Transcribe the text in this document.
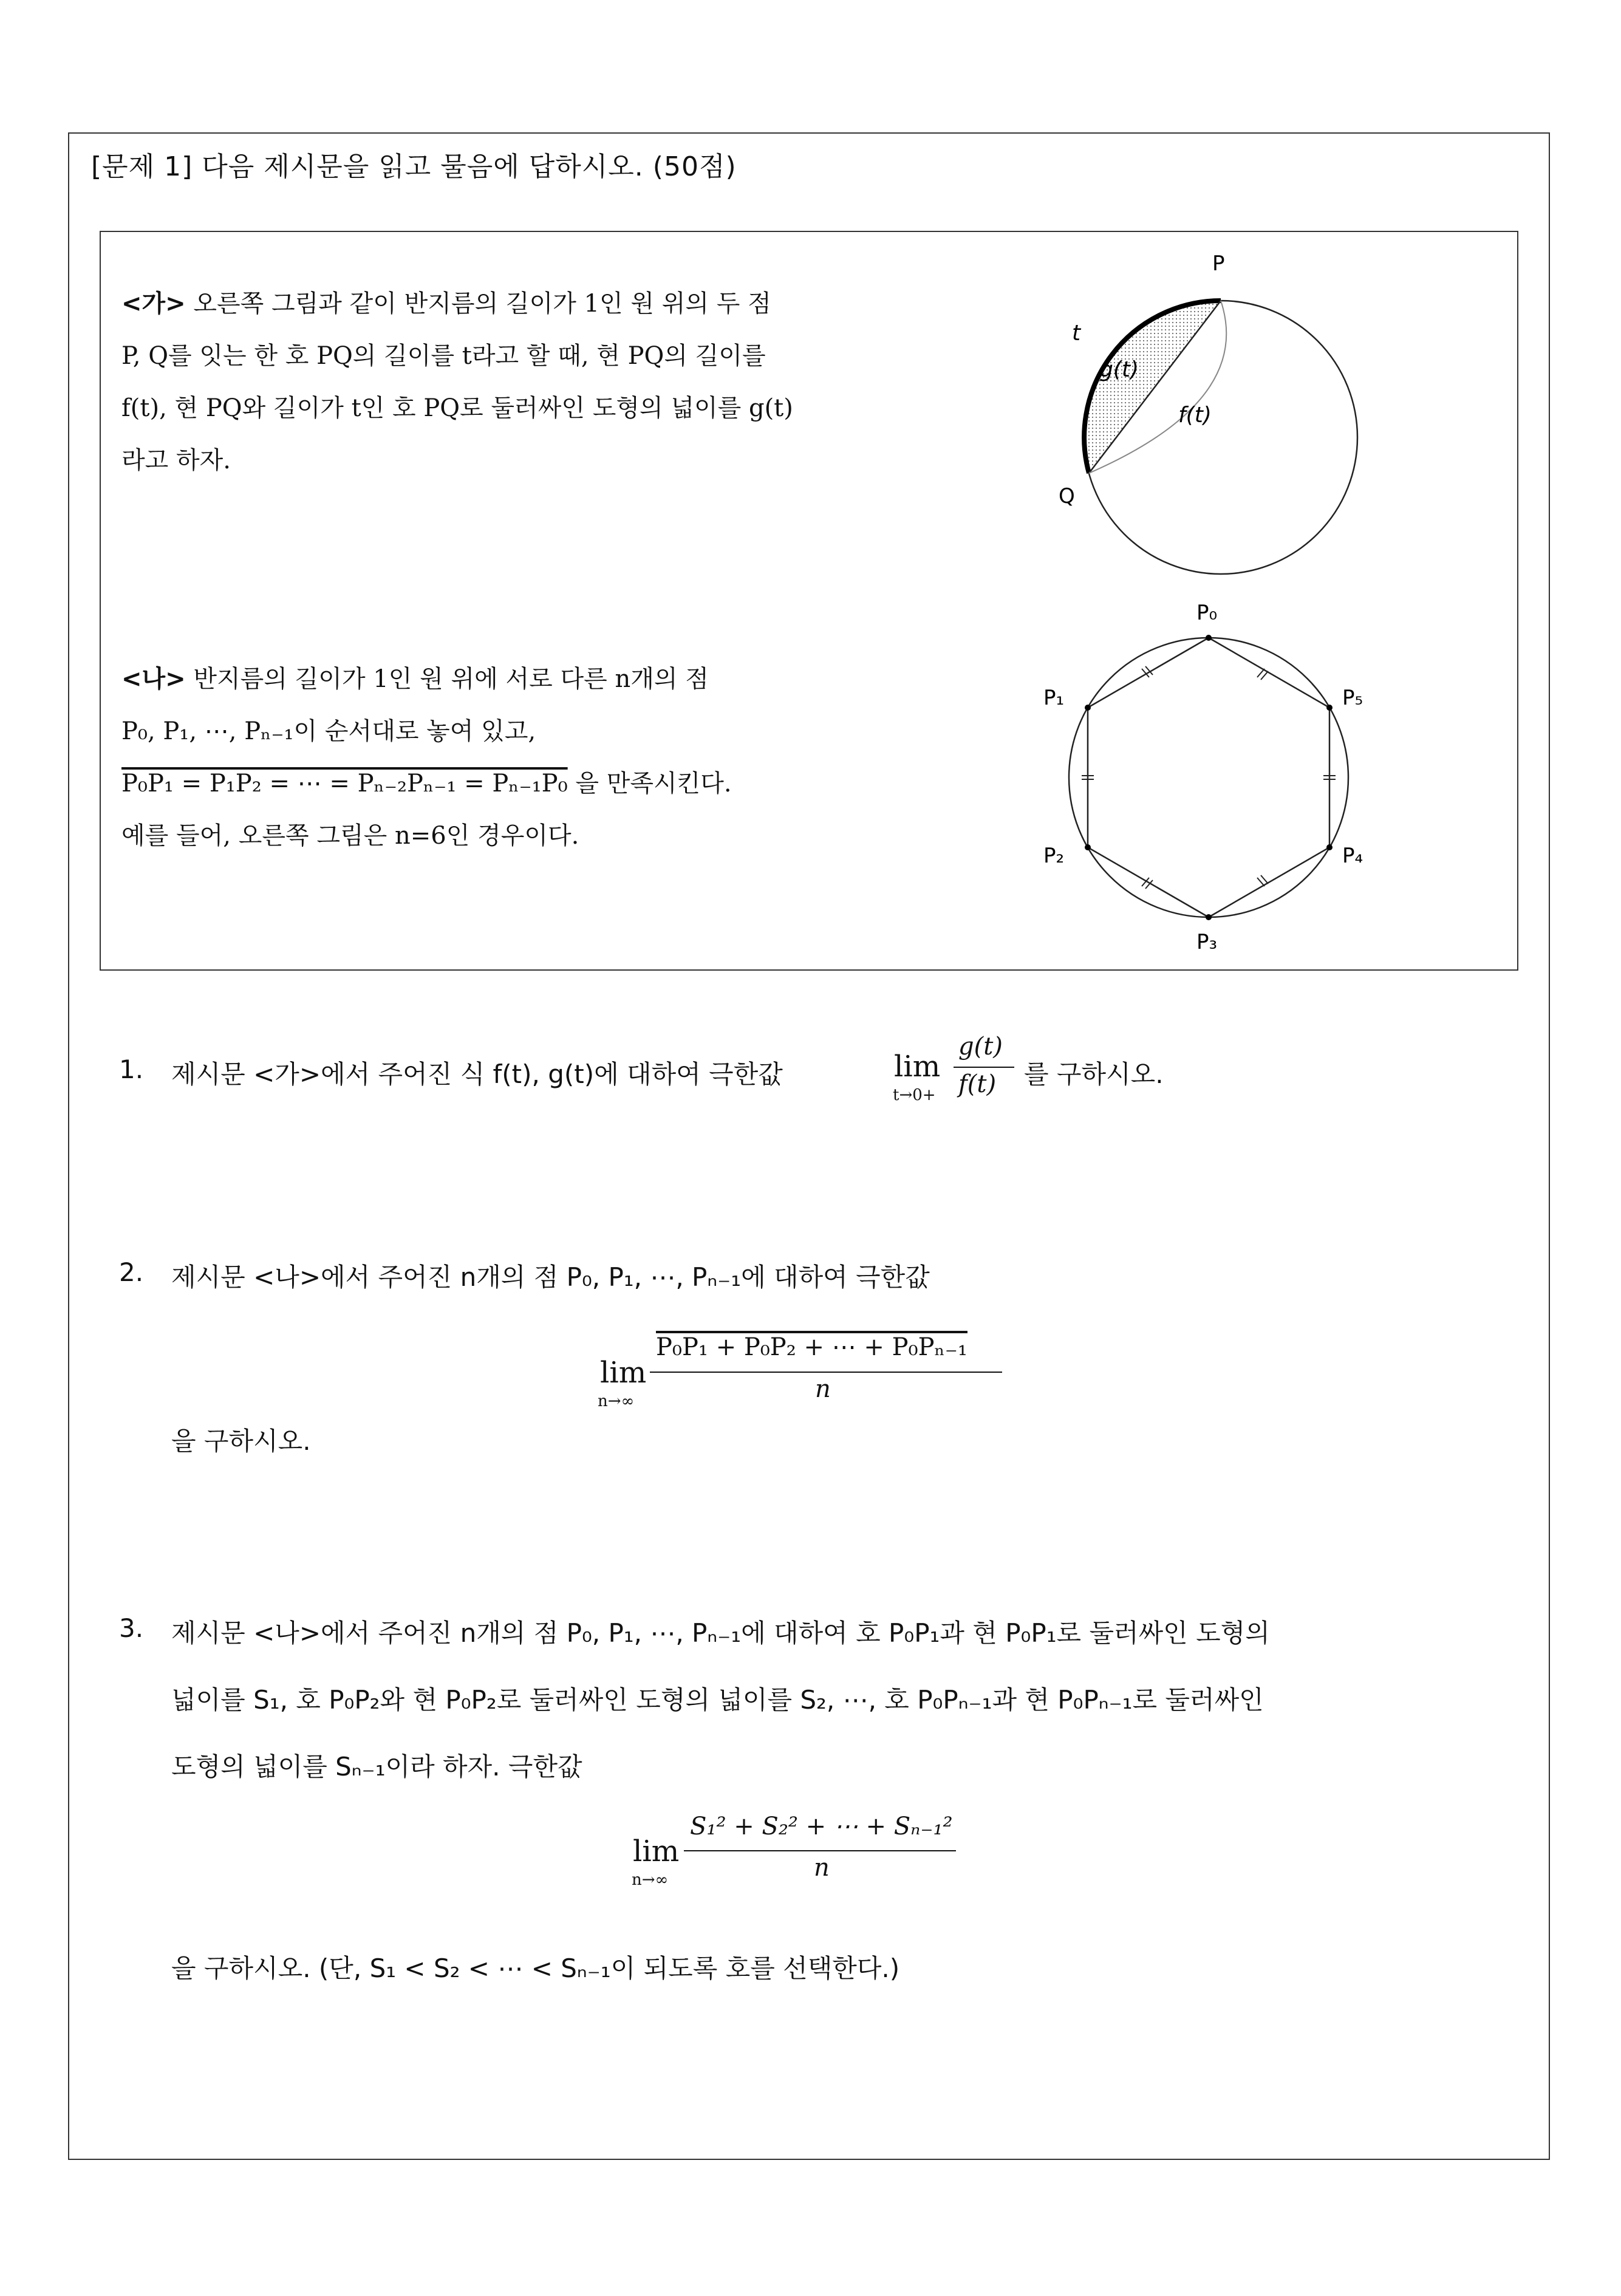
[문제 1] 다음 제시문을 읽고 물음에 답하시오. (50점)
<가> 오른쪽 그림과 같이 반지름의 길이가 1인 원 위의 두 점
P, Q를 잇는 한 호 PQ의 길이를 t라고 할 때, 현 PQ의 길이를
f(t), 현 PQ와 길이가 t인 호 PQ로 둘러싸인 도형의 넓이를 g(t)
라고 하자.
P
Q
t
g(t)
f(t)
<나> 반지름의 길이가 1인 원 위에 서로 다른 n개의 점
P₀, P₁, ⋯, Pₙ₋₁이 순서대로 놓여 있고,
P₀P₁ = P₁P₂ = ⋯ = Pₙ₋₂Pₙ₋₁ = Pₙ₋₁P₀ 을 만족시킨다.
예를 들어, 오른쪽 그림은 n=6인 경우이다.
P₀
P₁	P₅
P₂	P₄
P₃
1. 제시문 <가>에서 주어진 식 f(t), g(t)에 대하여 극한값	lim
t→0+
g(t)
f(t) 를 구하시오.
2. 제시문 <나>에서 주어진 n개의 점 P₀, P₁, ⋯, Pₙ₋₁에 대하여 극한값
lim
n→∞
P₀P₁ + P₀P₂ + ⋯ + P₀Pₙ₋₁
n
을 구하시오.
3. 제시문 <나>에서 주어진 n개의 점 P₀, P₁, ⋯, Pₙ₋₁에 대하여 호 P₀P₁과 현 P₀P₁로 둘러싸인 도형의
넓이를 S₁, 호 P₀P₂와 현 P₀P₂로 둘러싸인 도형의 넓이를 S₂, ⋯, 호 P₀Pₙ₋₁과 현 P₀Pₙ₋₁로 둘러싸인
도형의 넓이를 Sₙ₋₁이라 하자. 극한값
lim
n→∞
S₁² + S₂² + ⋯ + Sₙ₋₁²
n
을 구하시오. (단, S₁ < S₂ < ⋯ < Sₙ₋₁이 되도록 호를 선택한다.)
